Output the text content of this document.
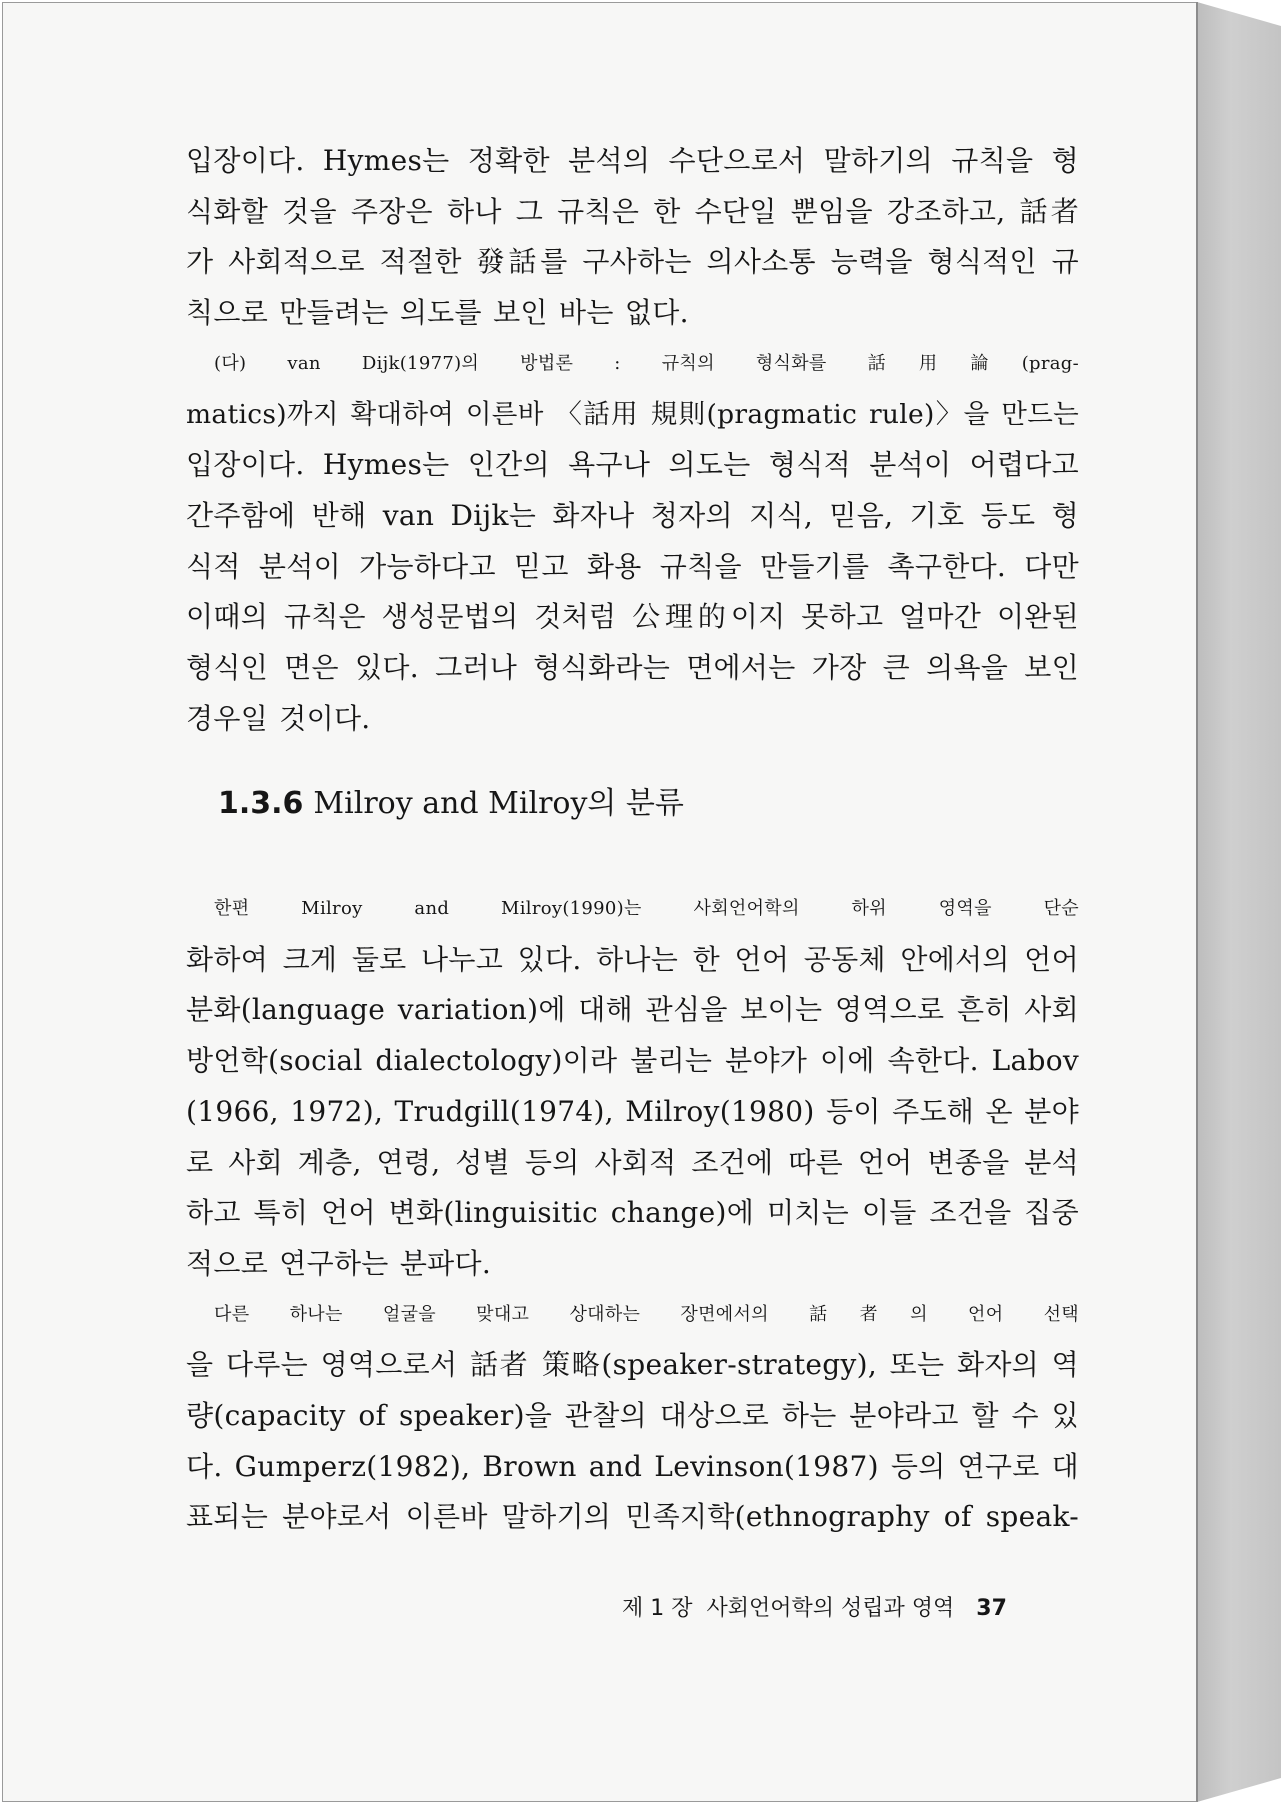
입장이다. Hymes는 정확한 분석의 수단으로서 말하기의 규칙을 형
식화할 것을 주장은 하나 그 규칙은 한 수단일 뿐임을 강조하고, 話者
가 사회적으로 적절한 發話를 구사하는 의사소통 능력을 형식적인 규
칙으로 만들려는 의도를 보인 바는 없다.
(다) van Dijk(1977)의 방법론 : 규칙의 형식화를 話用論(prag-
matics)까지 확대하여 이른바 〈話用 規則(pragmatic rule)〉을 만드는
입장이다. Hymes는 인간의 욕구나 의도는 형식적 분석이 어렵다고
간주함에 반해 van Dijk는 화자나 청자의 지식, 믿음, 기호 등도 형
식적 분석이 가능하다고 믿고 화용 규칙을 만들기를 촉구한다. 다만
이때의 규칙은 생성문법의 것처럼 公理的이지 못하고 얼마간 이완된
형식인 면은 있다. 그러나 형식화라는 면에서는 가장 큰 의욕을 보인
경우일 것이다.

1.3.6 Milroy and Milroy의 분류

한편 Milroy and Milroy(1990)는 사회언어학의 하위 영역을 단순
화하여 크게 둘로 나누고 있다. 하나는 한 언어 공동체 안에서의 언어
분화(language variation)에 대해 관심을 보이는 영역으로 흔히 사회
방언학(social dialectology)이라 불리는 분야가 이에 속한다. Labov
(1966, 1972), Trudgill(1974), Milroy(1980) 등이 주도해 온 분야
로 사회 계층, 연령, 성별 등의 사회적 조건에 따른 언어 변종을 분석
하고 특히 언어 변화(linguisitic change)에 미치는 이들 조건을 집중
적으로 연구하는 분파다.
다른 하나는 얼굴을 맞대고 상대하는 장면에서의 話者의 언어 선택
을 다루는 영역으로서 話者 策略(speaker-strategy), 또는 화자의 역
량(capacity of speaker)을 관찰의 대상으로 하는 분야라고 할 수 있
다. Gumperz(1982), Brown and Levinson(1987) 등의 연구로 대
표되는 분야로서 이른바 말하기의 민족지학(ethnography of speak-

제 1 장 사회언어학의 성립과 영역 37
